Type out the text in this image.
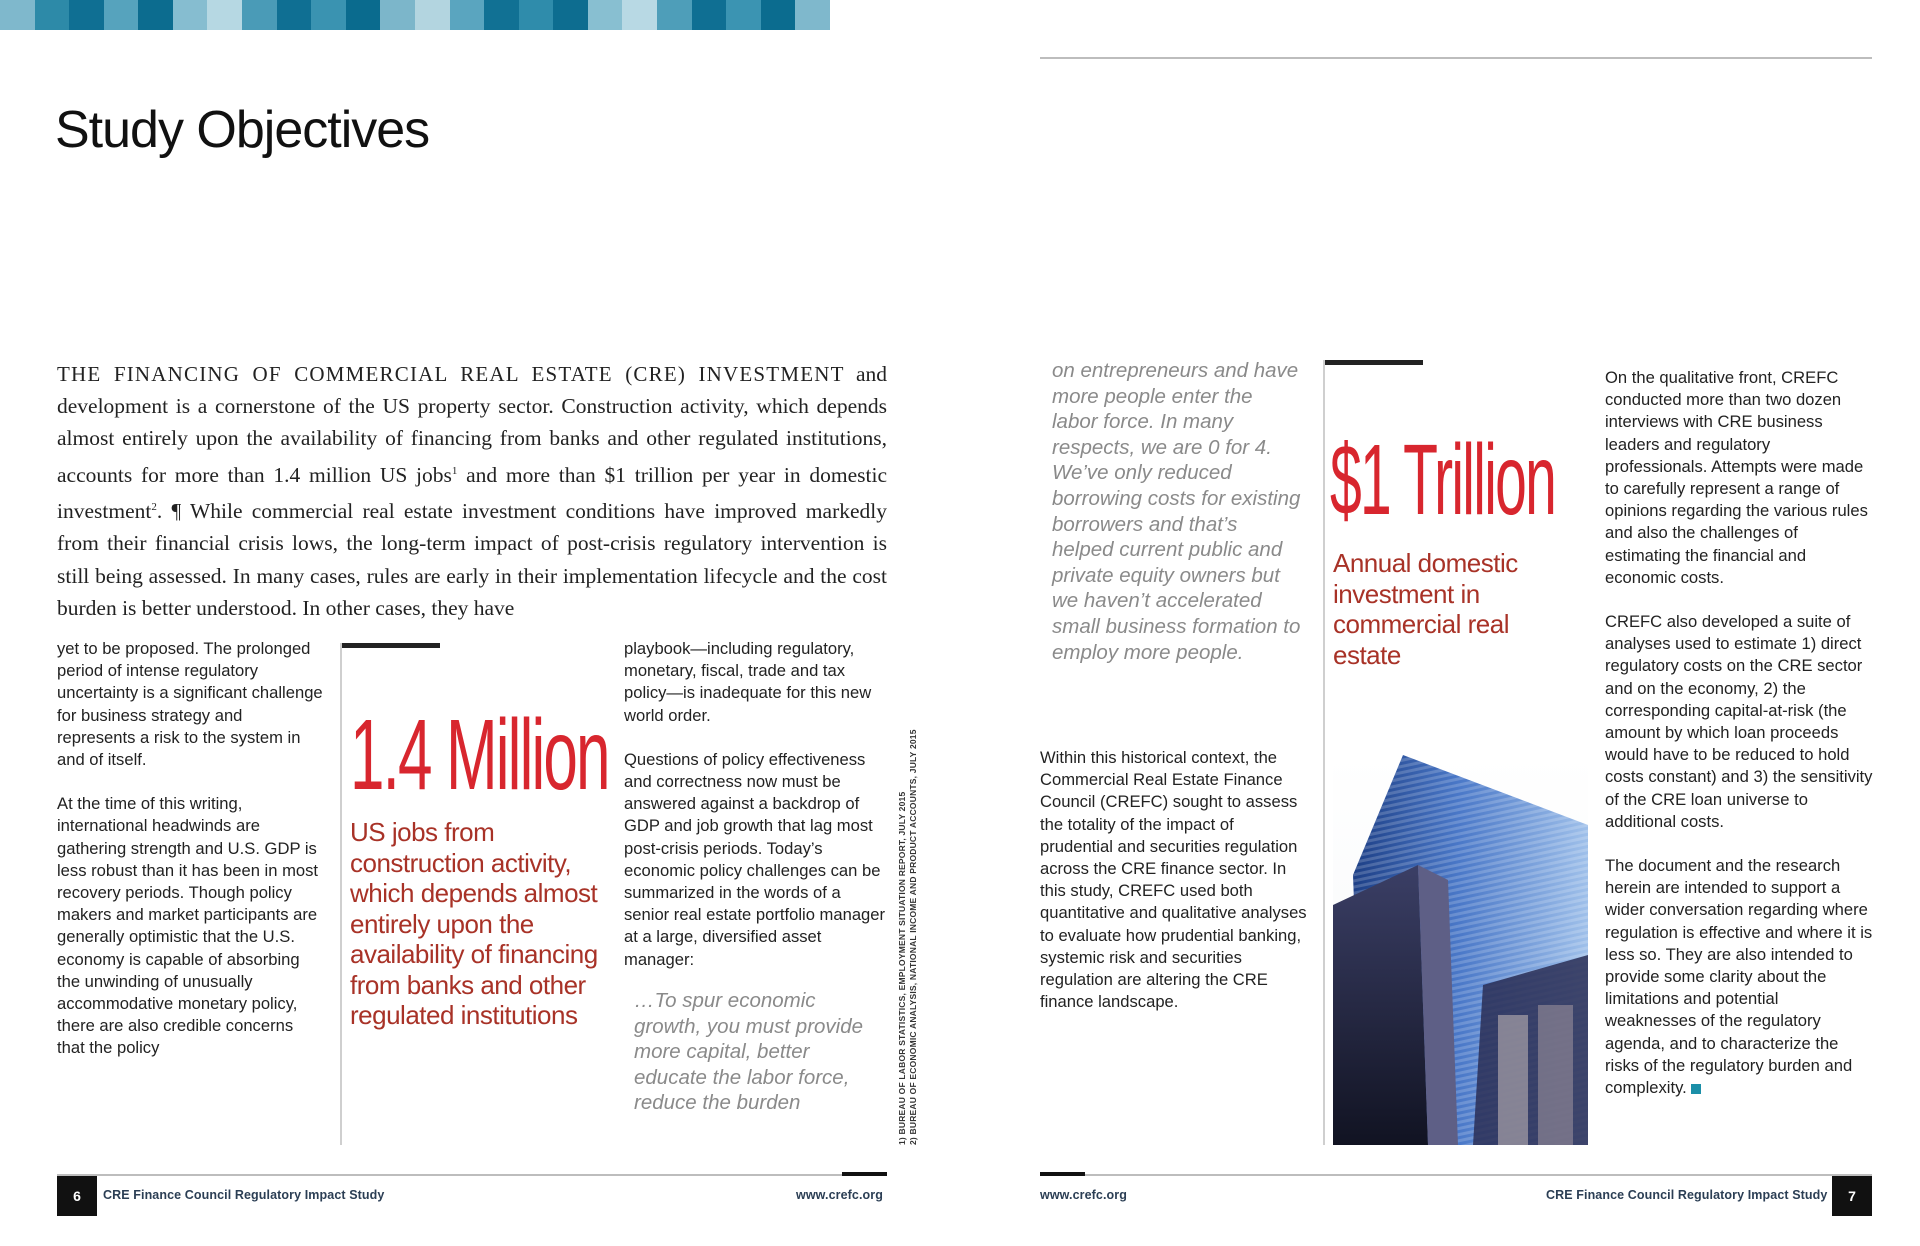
Study Objectives

THE FINANCING OF COMMERCIAL REAL ESTATE (CRE) INVESTMENT and development is a cornerstone of the US property sector. Construction activity, which depends almost entirely upon the availability of financing from banks and other regulated institutions, accounts for more than 1.4 million US jobs$^1$ and more than $1 trillion per year in domestic investment$^2$. ¶ While commercial real estate investment conditions have improved markedly from their financial crisis lows, the long-term impact of post-crisis regulatory intervention is still being assessed. In many cases, rules are early in their implementation lifecycle and the cost burden is better understood. In other cases, they have

yet to be proposed. The prolonged period of intense regulatory uncertainty is a significant challenge for business strategy and represents a risk to the system in and of itself.

At the time of this writing, international headwinds are gathering strength and U.S. GDP is less robust than it has been in most recovery periods. Though policy makers and market participants are generally optimistic that the U.S. economy is capable of absorbing the unwinding of unusually accommodative monetary policy, there are also credible concerns that the policy

1.4 Million

US jobs from construction activity, which depends almost entirely upon the availability of financing from banks and other regulated institutions

playbook—including regulatory, monetary, fiscal, trade and tax policy—is inadequate for this new world order.

Questions of policy effectiveness and correctness now must be answered against a backdrop of GDP and job growth that lag most post-crisis periods. Today’s economic policy challenges can be summarized in the words of a senior real estate portfolio manager at a large, diversified asset manager:

…To spur economic growth, you must provide more capital, better educate the labor force, reduce the burden	1) BUREAU OF LABOR STATISTICS, EMPLOYMENT SITUATION REPORT, JULY 2015 2) BUREAU OF ECONOMIC ANALYSIS, NATIONAL INCOME AND PRODUCT ACCOUNTS, JULY 2015
6	CRE Finance Council Regulatory Impact Study	www.crefc.org

on entrepreneurs and have more people enter the labor force. In many respects, we are 0 for 4. We’ve only reduced borrowing costs for existing borrowers and that’s helped current public and private equity owners but we haven’t accelerated small business formation to employ more people.

Within this historical context, the Commercial Real Estate Finance Council (CREFC) sought to assess the totality of the impact of prudential and securities regulation across the CRE finance sector. In this study, CREFC used both quantitative and qualitative analyses to evaluate how prudential banking, systemic risk and securities regulation are altering the CRE finance landscape.

$1 Trillion

Annual domestic investment in commercial real estate

On the qualitative front, CREFC conducted more than two dozen interviews with CRE business leaders and regulatory professionals. Attempts were made to carefully represent a range of opinions regarding the various rules and also the challenges of estimating the financial and economic costs.

CREFC also developed a suite of analyses used to estimate 1) direct regulatory costs on the CRE sector and on the economy, 2) the corresponding capital-at-risk (the amount by which loan proceeds would have to be reduced to hold costs constant) and 3) the sensitivity of the CRE loan universe to additional costs.

The document and the research herein are intended to support a wider conversation regarding where regulation is effective and where it is less so. They are also intended to provide some clarity about the limitations and potential weaknesses of the regulatory agenda, and to characterize the risks of the regulatory burden and complexity.

www.crefc.org	CRE Finance Council Regulatory Impact Study	7
